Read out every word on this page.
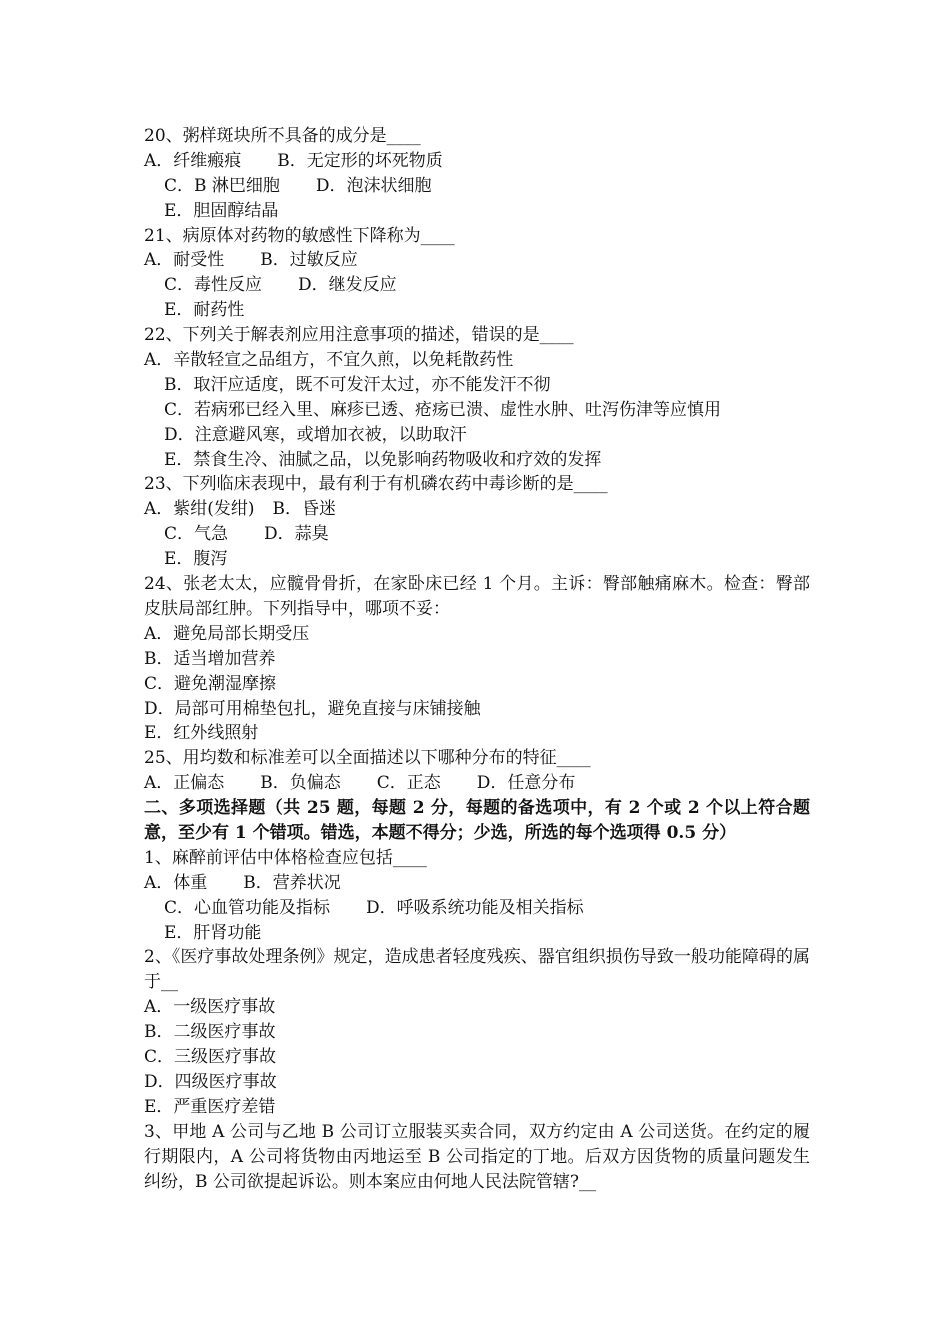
20、粥样斑块所不具备的成分是____
A．纤维瘢痕 B．无定形的坏死物质
C．B 淋巴细胞 D．泡沫状细胞
E．胆固醇结晶
21、病原体对药物的敏感性下降称为____
A．耐受性 B．过敏反应
C．毒性反应 D．继发反应
E．耐药性
22、下列关于解表剂应用注意事项的描述，错误的是____
A．辛散轻宣之品组方，不宜久煎，以免耗散药性
B．取汗应适度，既不可发汗太过，亦不能发汗不彻
C．若病邪已经入里、麻疹已透、疮疡已溃、虚性水肿、吐泻伤津等应慎用
D．注意避风寒，或增加衣被，以助取汗
E．禁食生冷、油腻之品，以免影响药物吸收和疗效的发挥
23、下列临床表现中，最有利于有机磷农药中毒诊断的是____
A．紫绀(发绀) B．昏迷
C．气急 D．蒜臭
E．腹泻
24、张老太太，应髋骨骨折，在家卧床已经 1 个月。主诉：臀部触痛麻木。检查：臀部皮肤局部红肿。下列指导中，哪项不妥：
A．避免局部长期受压
B．适当增加营养
C．避免潮湿摩擦
D．局部可用棉垫包扎，避免直接与床铺接触
E．红外线照射
25、用均数和标准差可以全面描述以下哪种分布的特征____
A．正偏态 B．负偏态 C．正态 D．任意分布
二、多项选择题（共 25 题，每题 2 分，每题的备选项中，有 2 个或 2 个以上符合题意，至少有 1 个错项。错选，本题不得分；少选，所选的每个选项得 0.5 分）
1、麻醉前评估中体格检查应包括____
A．体重 B．营养状况
C．心血管功能及指标 D．呼吸系统功能及相关指标
E．肝肾功能
2、《医疗事故处理条例》规定，造成患者轻度残疾、器官组织损伤导致一般功能障碍的属于__
A．一级医疗事故
B．二级医疗事故
C．三级医疗事故
D．四级医疗事故
E．严重医疗差错
3、甲地 A 公司与乙地 B 公司订立服装买卖合同，双方约定由 A 公司送货。在约定的履行期限内，A 公司将货物由丙地运至 B 公司指定的丁地。后双方因货物的质量问题发生纠纷，B 公司欲提起诉讼。则本案应由何地人民法院管辖?__
